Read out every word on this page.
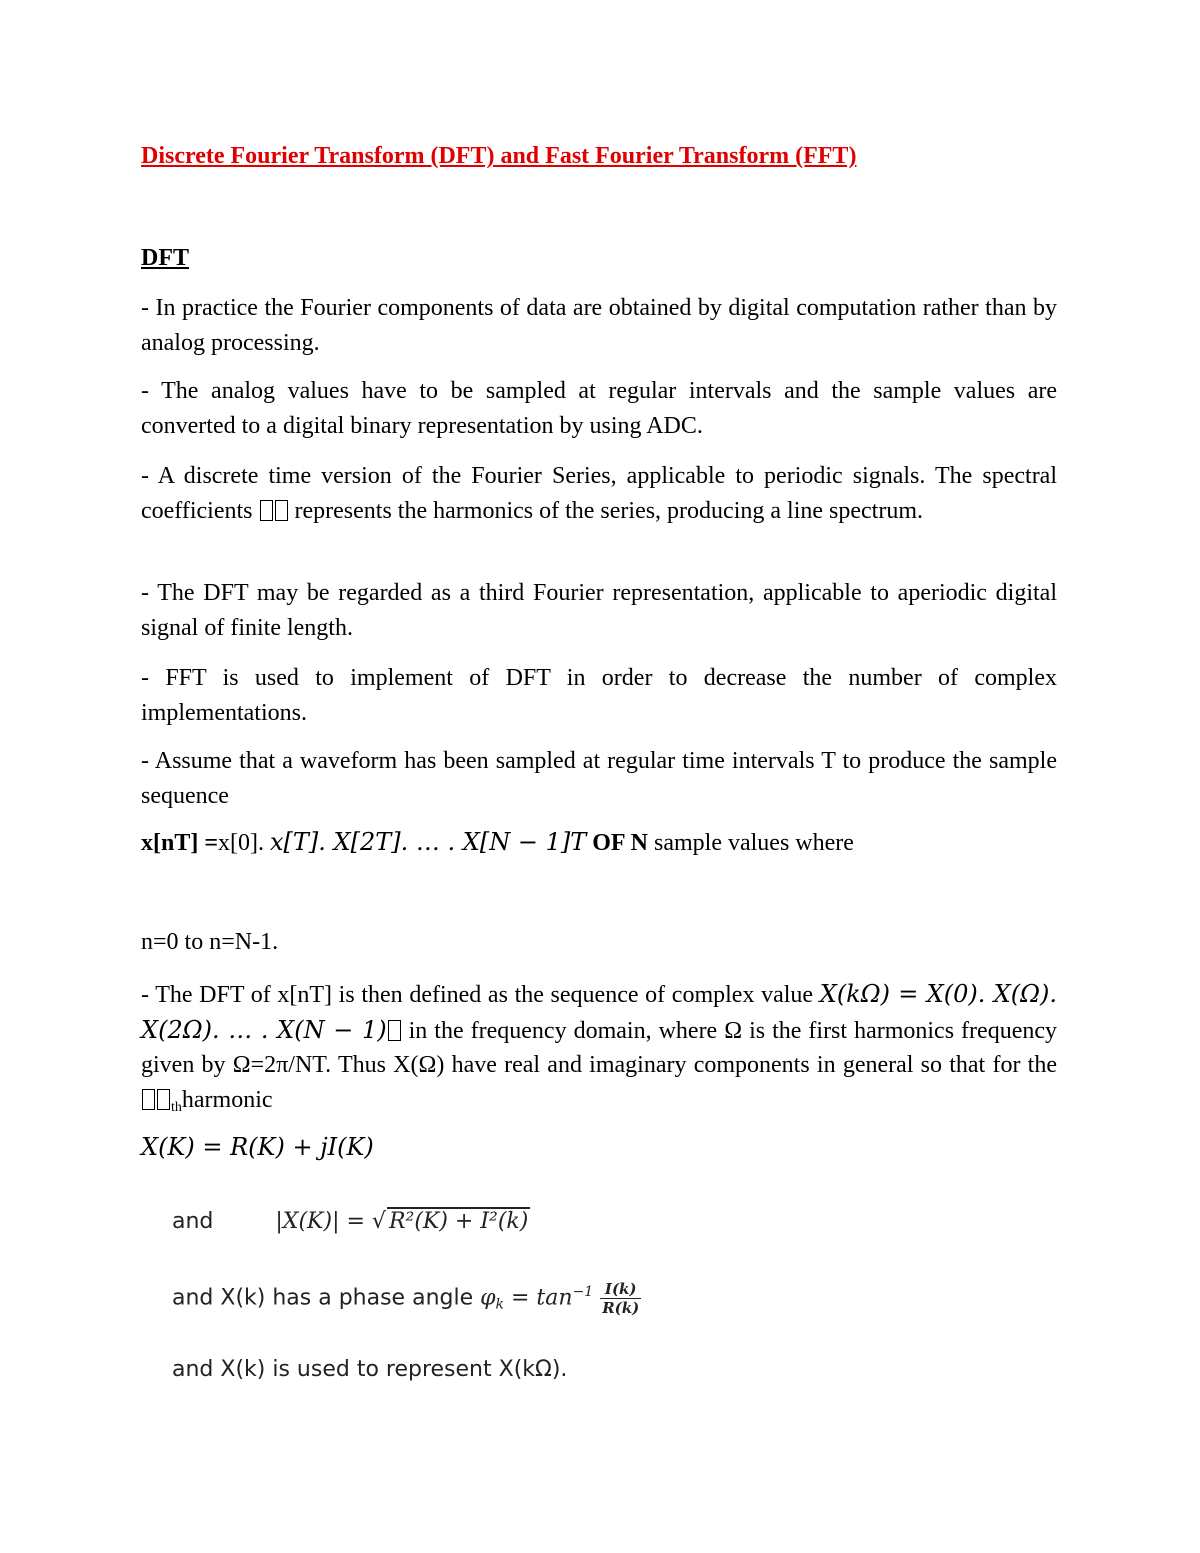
Discrete Fourier Transform (DFT) and Fast Fourier Transform (FFT)
DFT
- In practice the Fourier components of data are obtained by digital computation rather than by analog processing.
- The analog values have to be sampled at regular intervals and the sample values are converted to a digital binary representation by using ADC.
- A discrete time version of the Fourier Series, applicable to periodic signals. The spectral coefficients represents the harmonics of the series, producing a line spectrum.
- The DFT may be regarded as a third Fourier representation, applicable to aperiodic digital signal of finite length.
- FFT is used to implement of DFT in order to decrease the number of complex implementations.
- Assume that a waveform has been sampled at regular time intervals T to produce the sample sequence
x[nT] =x[0]. x[T]. X[2T]. … . X[N − 1]T OF N sample values where
n=0 to n=N-1.
- The DFT of x[nT] is then defined as the sequence of complex value X(kΩ) = X(0). X(Ω). X(2Ω). … . X(N − 1) in the frequency domain, where Ω is the first harmonics frequency given by Ω=2π/NT. Thus X(Ω) have real and imaginary components in general so that for the $_{th}$harmonic
X(K) = R(K) + jI(K)
and	|X(K)| = √ R²(K) + I²(k)
and X(k) has a phase angle $\varphi_k = \tan^{-1} \frac{I(k)}{R(k)}$
and X(k) is used to represent X(kΩ).
